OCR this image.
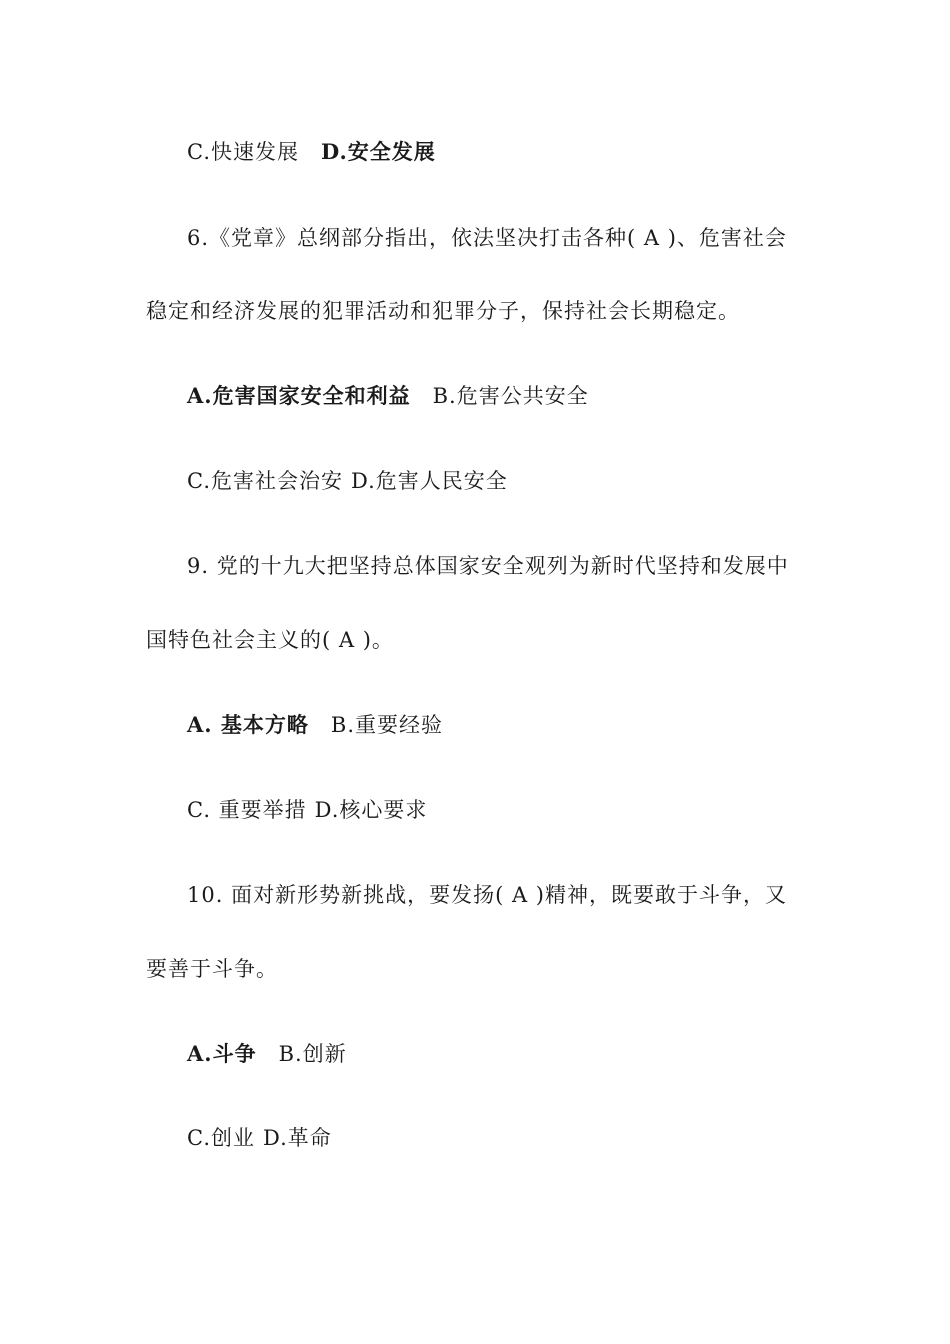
C.快速发展 D.安全发展
6.《党章》总纲部分指出，依法坚决打击各种( A )、危害社会
稳定和经济发展的犯罪活动和犯罪分子，保持社会长期稳定。
A.危害国家安全和利益 B.危害公共安全
C.危害社会治安 D.危害人民安全
9. 党的十九大把坚持总体国家安全观列为新时代坚持和发展中
国特色社会主义的( A )。
A. 基本方略 B.重要经验
C. 重要举措 D.核心要求
10. 面对新形势新挑战，要发扬( A )精神，既要敢于斗争，又
要善于斗争。
A.斗争 B.创新
C.创业 D.革命
